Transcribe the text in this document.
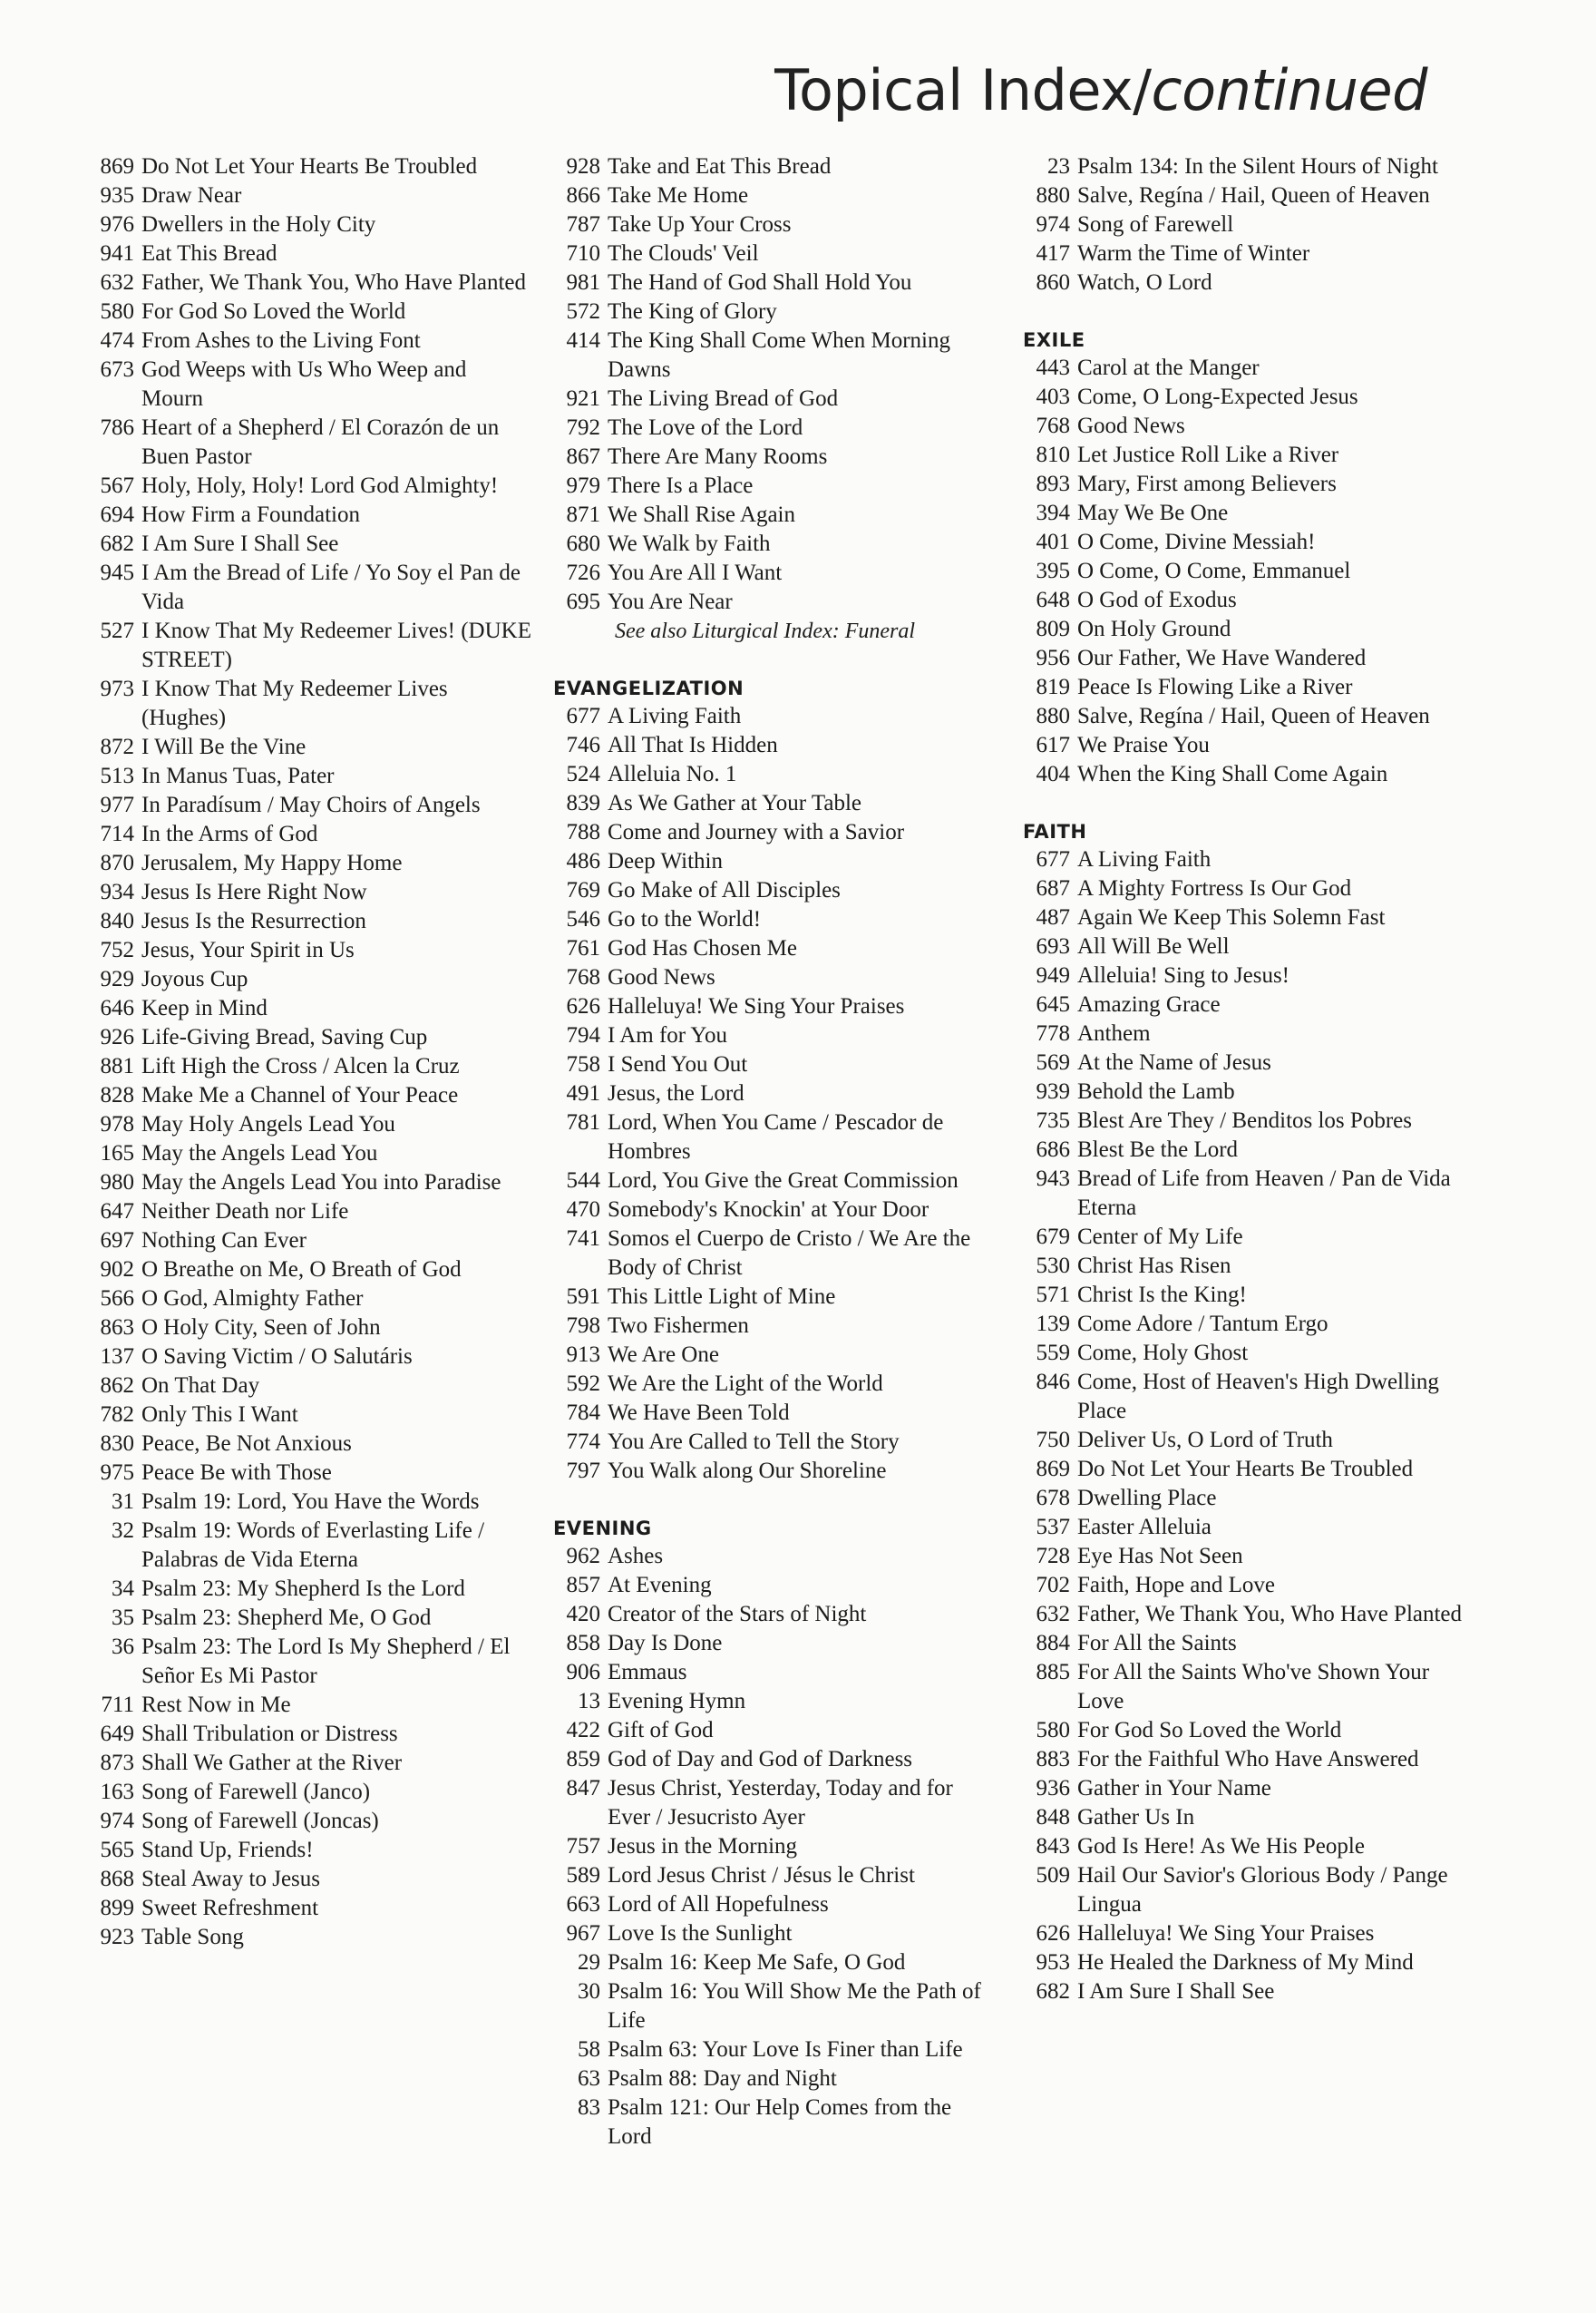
Topical Index/continued
869 Do Not Let Your Hearts Be Troubled
935 Draw Near
976 Dwellers in the Holy City
941 Eat This Bread
632 Father, We Thank You, Who Have Planted
580 For God So Loved the World
474 From Ashes to the Living Font
673 God Weeps with Us Who Weep and Mourn
786 Heart of a Shepherd / El Corazón de un Buen Pastor
567 Holy, Holy, Holy! Lord God Almighty!
694 How Firm a Foundation
682 I Am Sure I Shall See
945 I Am the Bread of Life / Yo Soy el Pan de Vida
527 I Know That My Redeemer Lives! (DUKE STREET)
973 I Know That My Redeemer Lives (Hughes)
872 I Will Be the Vine
513 In Manus Tuas, Pater
977 In Paradísum / May Choirs of Angels
714 In the Arms of God
870 Jerusalem, My Happy Home
934 Jesus Is Here Right Now
840 Jesus Is the Resurrection
752 Jesus, Your Spirit in Us
929 Joyous Cup
646 Keep in Mind
926 Life-Giving Bread, Saving Cup
881 Lift High the Cross / Alcen la Cruz
828 Make Me a Channel of Your Peace
978 May Holy Angels Lead You
165 May the Angels Lead You
980 May the Angels Lead You into Paradise
647 Neither Death nor Life
697 Nothing Can Ever
902 O Breathe on Me, O Breath of God
566 O God, Almighty Father
863 O Holy City, Seen of John
137 O Saving Victim / O Salutáris
862 On That Day
782 Only This I Want
830 Peace, Be Not Anxious
975 Peace Be with Those
31 Psalm 19: Lord, You Have the Words
32 Psalm 19: Words of Everlasting Life / Palabras de Vida Eterna
34 Psalm 23: My Shepherd Is the Lord
35 Psalm 23: Shepherd Me, O God
36 Psalm 23: The Lord Is My Shepherd / El Señor Es Mi Pastor
711 Rest Now in Me
649 Shall Tribulation or Distress
873 Shall We Gather at the River
163 Song of Farewell (Janco)
974 Song of Farewell (Joncas)
565 Stand Up, Friends!
868 Steal Away to Jesus
899 Sweet Refreshment
923 Table Song
928 Take and Eat This Bread
866 Take Me Home
787 Take Up Your Cross
710 The Clouds' Veil
981 The Hand of God Shall Hold You
572 The King of Glory
414 The King Shall Come When Morning Dawns
921 The Living Bread of God
792 The Love of the Lord
867 There Are Many Rooms
979 There Is a Place
871 We Shall Rise Again
680 We Walk by Faith
726 You Are All I Want
695 You Are Near
See also Liturgical Index: Funeral
EVANGELIZATION
677 A Living Faith
746 All That Is Hidden
524 Alleluia No. 1
839 As We Gather at Your Table
788 Come and Journey with a Savior
486 Deep Within
769 Go Make of All Disciples
546 Go to the World!
761 God Has Chosen Me
768 Good News
626 Halleluya! We Sing Your Praises
794 I Am for You
758 I Send You Out
491 Jesus, the Lord
781 Lord, When You Came / Pescador de Hombres
544 Lord, You Give the Great Commission
470 Somebody's Knockin' at Your Door
741 Somos el Cuerpo de Cristo / We Are the Body of Christ
591 This Little Light of Mine
798 Two Fishermen
913 We Are One
592 We Are the Light of the World
784 We Have Been Told
774 You Are Called to Tell the Story
797 You Walk along Our Shoreline
EVENING
962 Ashes
857 At Evening
420 Creator of the Stars of Night
858 Day Is Done
906 Emmaus
13 Evening Hymn
422 Gift of God
859 God of Day and God of Darkness
847 Jesus Christ, Yesterday, Today and for Ever / Jesucristo Ayer
757 Jesus in the Morning
589 Lord Jesus Christ / Jésus le Christ
663 Lord of All Hopefulness
967 Love Is the Sunlight
29 Psalm 16: Keep Me Safe, O God
30 Psalm 16: You Will Show Me the Path of Life
58 Psalm 63: Your Love Is Finer than Life
63 Psalm 88: Day and Night
83 Psalm 121: Our Help Comes from the Lord
23 Psalm 134: In the Silent Hours of Night
880 Salve, Regína / Hail, Queen of Heaven
974 Song of Farewell
417 Warm the Time of Winter
860 Watch, O Lord
EXILE
443 Carol at the Manger
403 Come, O Long-Expected Jesus
768 Good News
810 Let Justice Roll Like a River
893 Mary, First among Believers
394 May We Be One
401 O Come, Divine Messiah!
395 O Come, O Come, Emmanuel
648 O God of Exodus
809 On Holy Ground
956 Our Father, We Have Wandered
819 Peace Is Flowing Like a River
880 Salve, Regína / Hail, Queen of Heaven
617 We Praise You
404 When the King Shall Come Again
FAITH
677 A Living Faith
687 A Mighty Fortress Is Our God
487 Again We Keep This Solemn Fast
693 All Will Be Well
949 Alleluia! Sing to Jesus!
645 Amazing Grace
778 Anthem
569 At the Name of Jesus
939 Behold the Lamb
735 Blest Are They / Benditos los Pobres
686 Blest Be the Lord
943 Bread of Life from Heaven / Pan de Vida Eterna
679 Center of My Life
530 Christ Has Risen
571 Christ Is the King!
139 Come Adore / Tantum Ergo
559 Come, Holy Ghost
846 Come, Host of Heaven's High Dwelling Place
750 Deliver Us, O Lord of Truth
869 Do Not Let Your Hearts Be Troubled
678 Dwelling Place
537 Easter Alleluia
728 Eye Has Not Seen
702 Faith, Hope and Love
632 Father, We Thank You, Who Have Planted
884 For All the Saints
885 For All the Saints Who've Shown Your Love
580 For God So Loved the World
883 For the Faithful Who Have Answered
936 Gather in Your Name
848 Gather Us In
843 God Is Here! As We His People
509 Hail Our Savior's Glorious Body / Pange Lingua
626 Halleluya! We Sing Your Praises
953 He Healed the Darkness of My Mind
682 I Am Sure I Shall See
